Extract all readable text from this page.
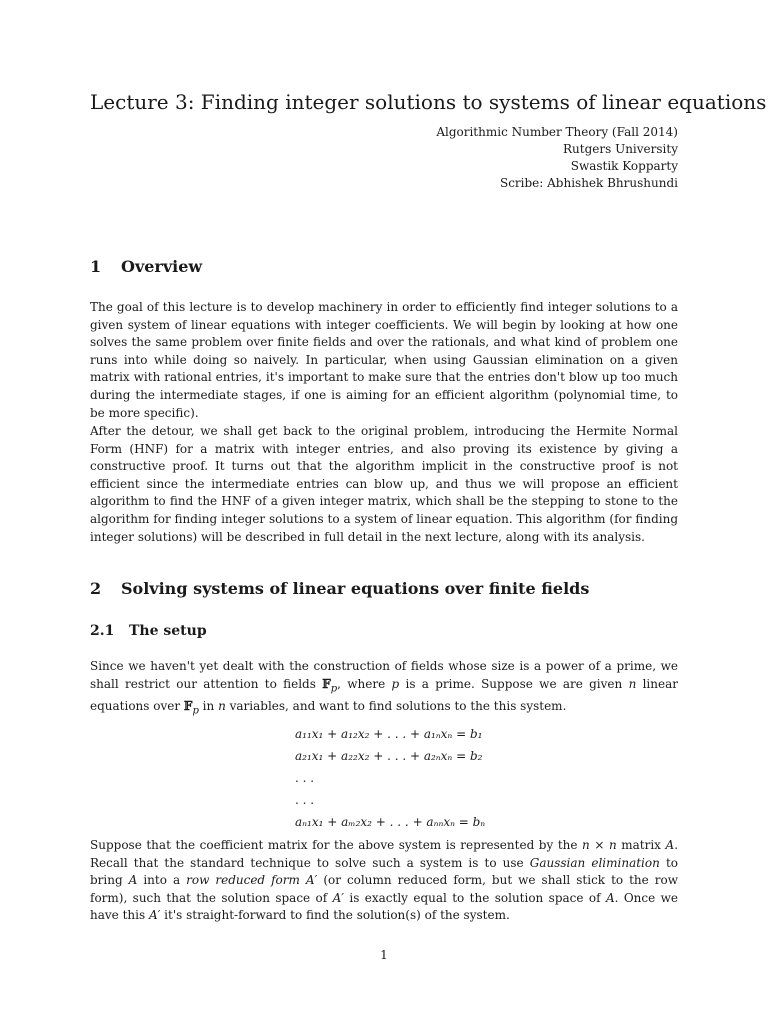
Lecture 3: Finding integer solutions to systems of linear equations
Algorithmic Number Theory (Fall 2014)
Rutgers University
Swastik Kopparty
Scribe: Abhishek Bhrushundi
1 Overview
The goal of this lecture is to develop machinery in order to efficiently find integer solutions to a given system of linear equations with integer coefficients. We will begin by looking at how one solves the same problem over finite fields and over the rationals, and what kind of problem one runs into while doing so naively. In particular, when using Gaussian elimination on a given matrix with rational entries, it's important to make sure that the entries don't blow up too much during the intermediate stages, if one is aiming for an efficient algorithm (polynomial time, to be more specific).
After the detour, we shall get back to the original problem, introducing the Hermite Normal Form (HNF) for a matrix with integer entries, and also proving its existence by giving a constructive proof. It turns out that the algorithm implicit in the constructive proof is not efficient since the intermediate entries can blow up, and thus we will propose an efficient algorithm to find the HNF of a given integer matrix, which shall be the stepping to stone to the algorithm for finding integer solutions to a system of linear equation. This algorithm (for finding integer solutions) will be described in full detail in the next lecture, along with its analysis.
2 Solving systems of linear equations over finite fields
2.1 The setup
Since we haven't yet dealt with the construction of fields whose size is a power of a prime, we shall restrict our attention to fields 𝔽$_p$, where p is a prime. Suppose we are given n linear equations over 𝔽$_p$ in n variables, and want to find solutions to the this system.
a₁₁x₁ + a₁₂x₂ + . . . + a₁ₙxₙ = b₁
a₂₁x₁ + a₂₂x₂ + . . . + a₂ₙxₙ = b₂
. . .
. . .
aₙ₁x₁ + aₘ₂x₂ + . . . + aₙₙxₙ = bₙ
Suppose that the coefficient matrix for the above system is represented by the n × n matrix A. Recall that the standard technique to solve such a system is to use Gaussian elimination to bring A into a row reduced form A′ (or column reduced form, but we shall stick to the row form), such that the solution space of A′ is exactly equal to the solution space of A. Once we have this A′ it's straight-forward to find the solution(s) of the system.
1
